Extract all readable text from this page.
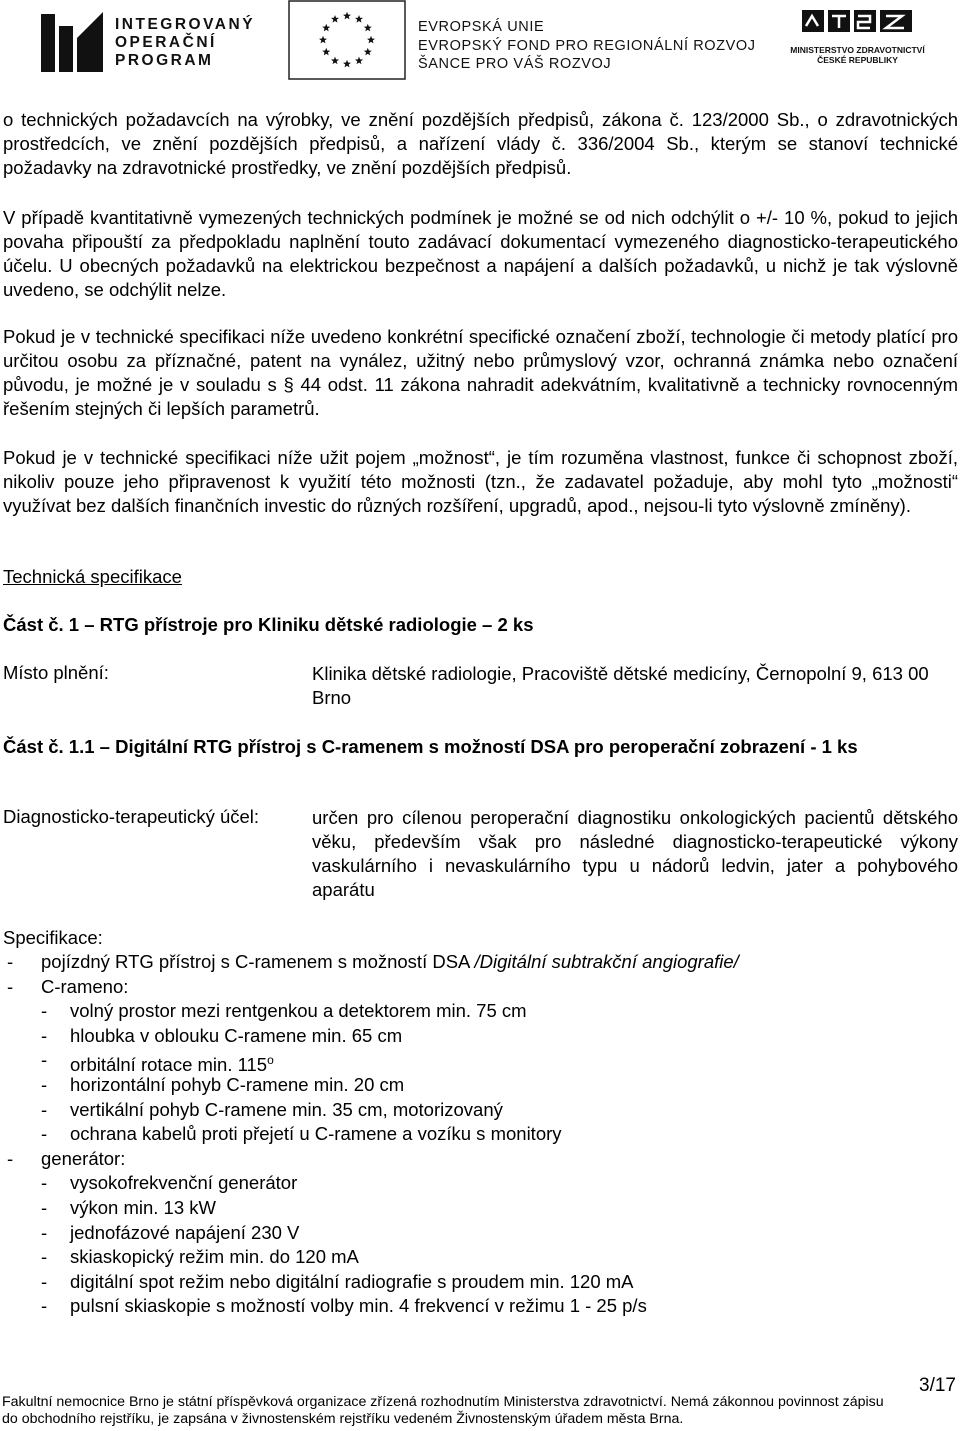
INTEGROVANÝ
OPERAČNÍ
PROGRAM
EVROPSKÁ UNIE
EVROPSKÝ FOND PRO REGIONÁLNÍ ROZVOJ
ŠANCE PRO VÁŠ ROZVOJ
MINISTERSTVO ZDRAVOTNICTVÍ
ČESKÉ REPUBLIKY

o technických požadavcích na výrobky, ve znění pozdějších předpisů, zákona č. 123/2000 Sb., o zdravotnických prostředcích, ve znění pozdějších předpisů, a nařízení vlády č. 336/2004 Sb., kterým se stanoví technické požadavky na zdravotnické prostředky, ve znění pozdějších předpisů.

V případě kvantitativně vymezených technických podmínek je možné se od nich odchýlit o +/- 10 %, pokud to jejich povaha připouští za předpokladu naplnění touto zadávací dokumentací vymezeného diagnosticko-terapeutického účelu. U obecných požadavků na elektrickou bezpečnost a napájení a dalších požadavků, u nichž je tak výslovně uvedeno, se odchýlit nelze.

Pokud je v technické specifikaci níže uvedeno konkrétní specifické označení zboží, technologie či metody platící pro určitou osobu za příznačné, patent na vynález, užitný nebo průmyslový vzor, ochranná známka nebo označení původu, je možné je v souladu s § 44 odst. 11 zákona nahradit adekvátním, kvalitativně a technicky rovnocenným řešením stejných či lepších parametrů.

Pokud je v technické specifikaci níže užit pojem „možnost“, je tím rozuměna vlastnost, funkce či schopnost zboží, nikoliv pouze jeho připravenost k využití této možnosti (tzn., že zadavatel požaduje, aby mohl tyto „možnosti“ využívat bez dalších finančních investic do různých rozšíření, upgradů, apod., nejsou-li tyto výslovně zmíněny).

Technická specifikace
Část č. 1 – RTG přístroje pro Kliniku dětské radiologie – 2 ks
Místo plnění:	Klinika dětské radiologie, Pracoviště dětské medicíny, Černopolní 9, 613 00 Brno

Část č. 1.1 – Digitální RTG přístroj s C-ramenem s možností DSA pro peroperační zobrazení - 1 ks

Diagnosticko-terapeutický účel:	určen pro cílenou peroperační diagnostiku onkologických pacientů dětského věku, především však pro následné diagnosticko-terapeutické výkony vaskulárního i nevaskulárního typu u nádorů ledvin, jater a pohybového aparátu

Specifikace:
- pojízdný RTG přístroj s C-ramenem s možností DSA /Digitální subtrakční angiografie/
- C-rameno:
- volný prostor mezi rentgenkou a detektorem min. 75 cm
- hloubka v oblouku C-ramene min. 65 cm
- orbitální rotace min. 115$^o$
- horizontální pohyb C-ramene min. 20 cm
- vertikální pohyb C-ramene min. 35 cm, motorizovaný
- ochrana kabelů proti přejetí u C-ramene a vozíku s monitory
- generátor:
- vysokofrekvenční generátor
- výkon min. 13 kW
- jednofázové napájení 230 V
- skiaskopický režim min. do 120 mA
- digitální spot režim nebo digitální radiografie s proudem min. 120 mA
- pulsní skiaskopie s možností volby min. 4 frekvencí v režimu 1 - 25 p/s
3/17
Fakultní nemocnice Brno je státní příspěvková organizace zřízená rozhodnutím Ministerstva zdravotnictví. Nemá zákonnou povinnost zápisu
do obchodního rejstříku, je zapsána v živnostenském rejstříku vedeném Živnostenským úřadem města Brna.
